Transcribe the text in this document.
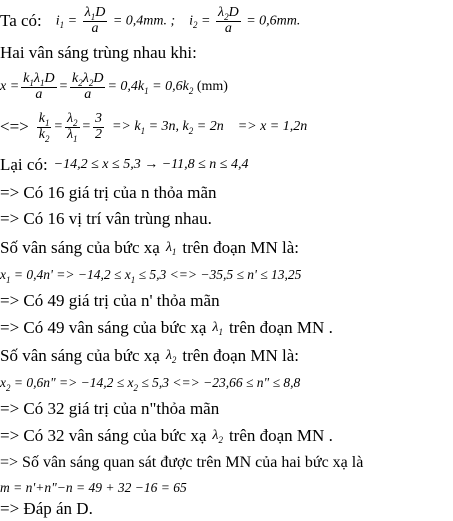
Ta có: $i_1 = \frac{\lambda_1D}{a} = 0,4mm$. ; $i_2 = \frac{\lambda_2D}{a} = 0,6mm$.
Hai vân sáng trùng nhau khi:
$x = \frac{k_1\lambda_1D}{a} = \frac{k_2\lambda_2D}{a} = 0,4k_1 = 0,6k_2$ (mm)
<=> $\frac{k_1}{k_2} = \frac{\lambda_2}{\lambda_1} = \frac{3}{2} => k_1 = 3n$, $k_2 = 2n => x = 1,2n$
Lại có: −14,2 ≤ x ≤ 5,3 → −11,8 ≤ n ≤ 4,4
=> Có 16 giá trị của n thỏa mãn
=> Có 16 vị trí vân trùng nhau.
Số vân sáng của bức xạ $\lambda_1$ trên đoạn MN là:
$x_1 = 0,4n' => -14,2 \le x_1 \le 5,3$ <=> −35,5 ≤ n' ≤ 13,25
=> Có 49 giá trị của n' thỏa mãn
=> Có 49 vân sáng của bức xạ $\lambda_1$ trên đoạn MN .
Số vân sáng của bức xạ $\lambda_2$ trên đoạn MN là:
$x_2 = 0,6n$" => $-14,2 \le x_2 \le 5,3$ <=> −23,66 ≤ n" ≤ 8,8
=> Có 32 giá trị của n"thỏa mãn
=> Có 32 vân sáng của bức xạ $\lambda_2$ trên đoạn MN .
=> Số vân sáng quan sát được trên MN của hai bức xạ là
m = n'+n"−n = 49 + 32 −16 = 65
=> Đáp án D.
